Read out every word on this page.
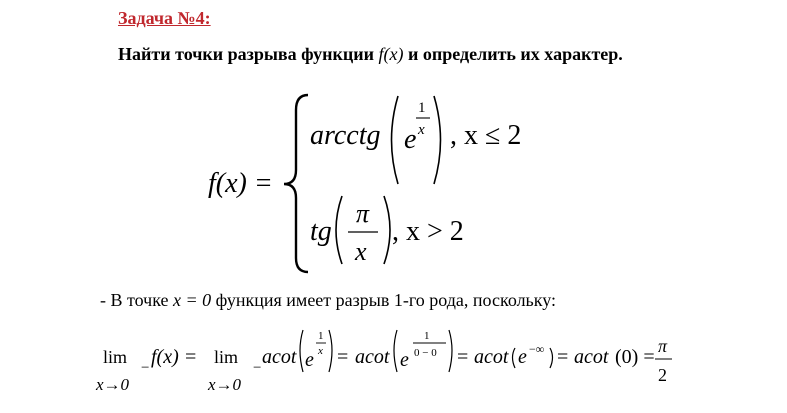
Задача №4:
Найти точки разрыва функции f(x) и определить их характер.
f(x) =
arcctg e
1
x , x ≤ 2
tg
π
x
, x > 2
lim
x→0
− f(x) = lim
x→0
− acot e
1
x = acot e
1
0 − 0 = acot e −∞ = acot (0) = π
2
- В точке x = 0 функция имеет разрыв 1-го рода, поскольку:
